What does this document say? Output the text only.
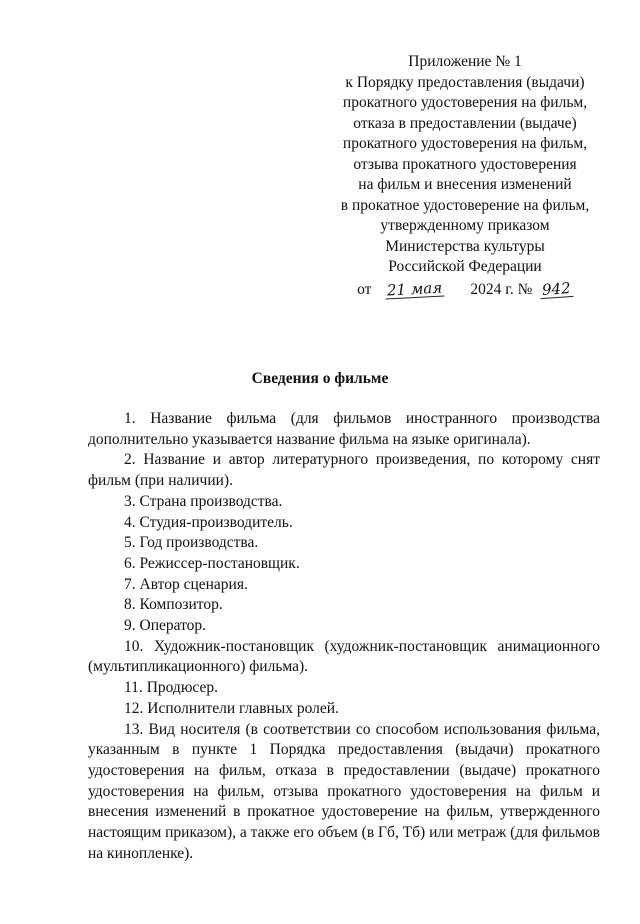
Приложение № 1
к Порядку предоставления (выдачи)
прокатного удостоверения на фильм,
отказа в предоставлении (выдаче)
прокатного удостоверения на фильм,
отзыва прокатного удостоверения
на фильм и внесения изменений
в прокатное удостоверение на фильм,
утвержденному приказом
Министерства культуры
Российской Федерации
от 21 мая 2024 г. № 942
Сведения о фильме

1. Название фильма (для фильмов иностранного производства дополнительно указывается название фильма на языке оригинала).

2. Название и автор литературного произведения, по которому снят фильм (при наличии).

3. Страна производства.

4. Студия-производитель.

5. Год производства.

6. Режиссер-постановщик.

7. Автор сценария.

8. Композитор.

9. Оператор.

10. Художник-постановщик (художник-постановщик анимационного (мультипликационного) фильма).

11. Продюсер.

12. Исполнители главных ролей.

13. Вид носителя (в соответствии со способом использования фильма, указанным в пункте 1 Порядка предоставления (выдачи) прокатного удостоверения на фильм, отказа в предоставлении (выдаче) прокатного удостоверения на фильм, отзыва прокатного удостоверения на фильм и внесения изменений в прокатное удостоверение на фильм, утвержденного настоящим приказом), а также его объем (в Гб, Тб) или метраж (для фильмов на кинопленке).
